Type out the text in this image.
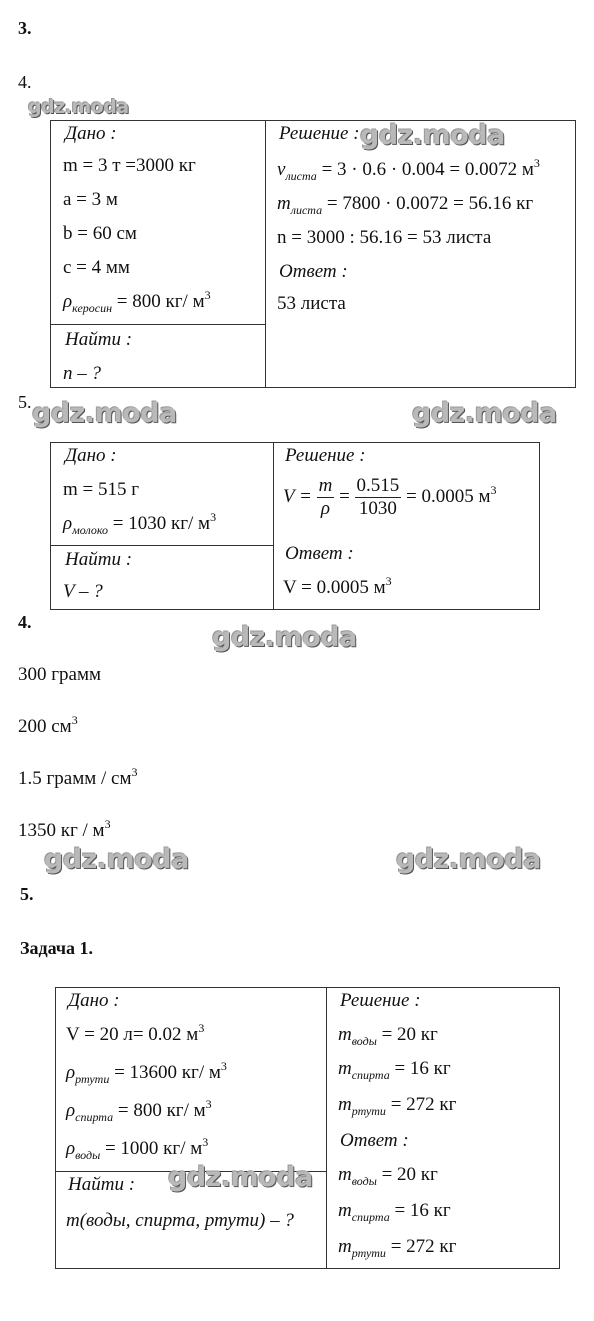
3.
4.
gdz.moda
gdz.moda
Дано :
m = 3 т =3000 кг
a = 3 м
b = 60 см
c = 4 мм
$\rho_{керосин} = 800$ кг/ $м^3$
Найти :
n – ?
Решение :
$v_{листа} = 3 \cdot 0.6 \cdot 0.004 = 0.0072$ $м^3$
$m_{листа} = 7800 \cdot 0.0072 = 56.16$ кг
n = 3000 : 56.16 = 53 листа
Ответ :
53 листа
5. gdz.moda	gdz.moda
Дано :
m = 515 г
$\rho_{молоко} = 1030$ кг/ $м^3$
Найти :
V – ?
Решение :
$V = \frac{m}{\rho} = \frac{0.515}{1030} = 0.0005$ $м^3$
Ответ :
V = 0.0005 $м^3$
4.	gdz.moda
300 грамм
200 $см^3$
1.5 грамм / $см^3$
1350 кг / $м^3$
gdz.moda	gdz.moda
5.
Задача 1.
Дано :
V = 20 л= 0.02 $м^3$
$\rho_{ртути} = 13600$ кг/ $м^3$
$\rho_{спирта} = 800$ кг/ $м^3$
$\rho_{воды} = 1000$ кг/ $м^3$
Найти :
m(воды, спирта, ртути) – ?
Решение :
$m_{воды} = 20$ кг
$m_{спирта} = 16$ кг
$m_{ртути} = 272$ кг
Ответ :
$m_{воды} = 20$ кг
$m_{спирта} = 16$ кг
$m_{ртути} = 272$ кг
gdz.moda
